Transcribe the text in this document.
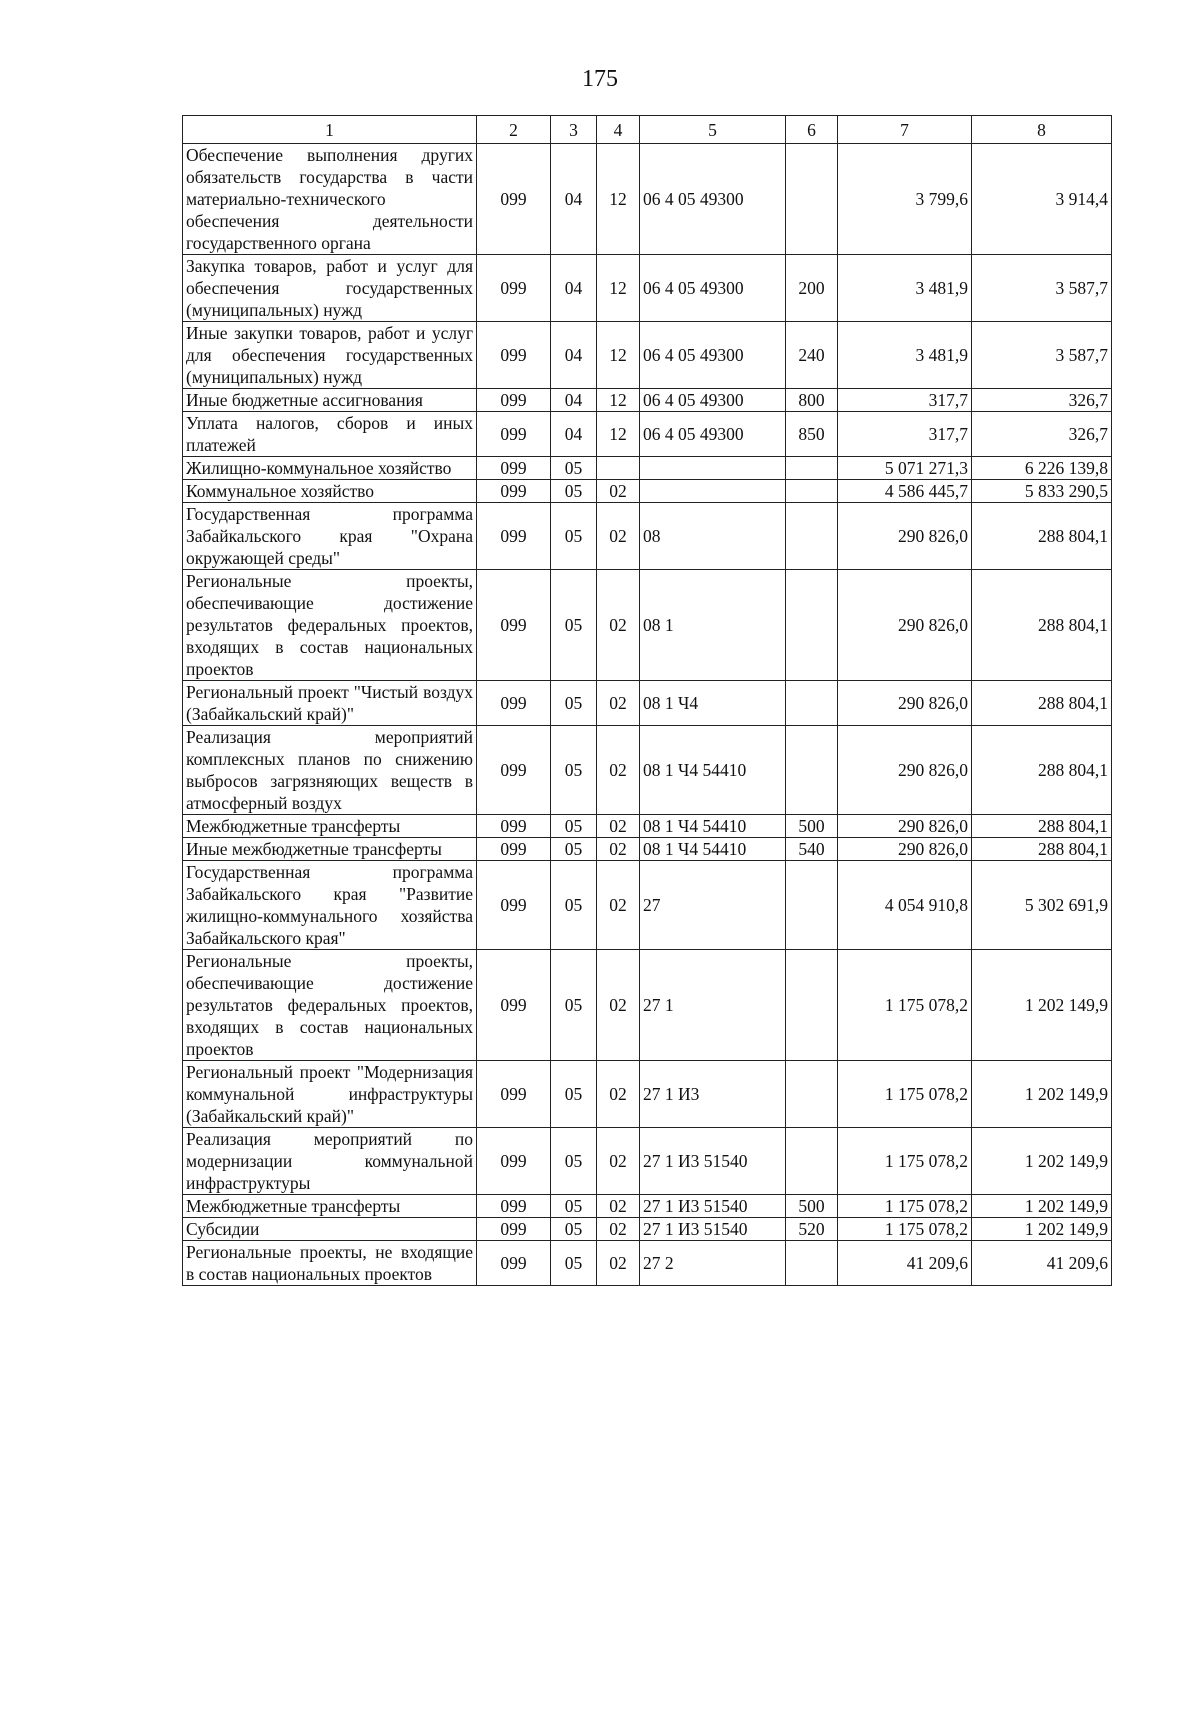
175
1	2	3	4	5	6	7	8
Обеспечение выполнения других обязательств государства в части материально-технического обеспечения деятельности государственного органа	099	04	12	06 4 05 49300		3 799,6	3 914,4
Закупка товаров, работ и услуг для обеспечения государственных (муниципальных) нужд	099	04	12	06 4 05 49300	200	3 481,9	3 587,7
Иные закупки товаров, работ и услуг для обеспечения государственных (муниципальных) нужд	099	04	12	06 4 05 49300	240	3 481,9	3 587,7
Иные бюджетные ассигнования	099	04	12	06 4 05 49300	800	317,7	326,7
Уплата налогов, сборов и иных платежей	099	04	12	06 4 05 49300	850	317,7	326,7
Жилищно-коммунальное хозяйство	099	05				5 071 271,3	6 226 139,8
Коммунальное хозяйство	099	05	02			4 586 445,7	5 833 290,5
Государственная программа Забайкальского края "Охрана окружающей среды"	099	05	02	08		290 826,0	288 804,1
Региональные проекты, обеспечивающие достижение результатов федеральных проектов, входящих в состав национальных проектов	099	05	02	08 1		290 826,0	288 804,1
Региональный проект "Чистый воздух (Забайкальский край)"	099	05	02	08 1 Ч4		290 826,0	288 804,1
Реализация мероприятий комплексных планов по снижению выбросов загрязняющих веществ в атмосферный воздух	099	05	02	08 1 Ч4 54410		290 826,0	288 804,1
Межбюджетные трансферты	099	05	02	08 1 Ч4 54410	500	290 826,0	288 804,1
Иные межбюджетные трансферты	099	05	02	08 1 Ч4 54410	540	290 826,0	288 804,1
Государственная программа Забайкальского края "Развитие жилищно-коммунального хозяйства Забайкальского края"	099	05	02	27		4 054 910,8	5 302 691,9
Региональные проекты, обеспечивающие достижение результатов федеральных проектов, входящих в состав национальных проектов	099	05	02	27 1		1 175 078,2	1 202 149,9
Региональный проект "Модернизация коммунальной инфраструктуры (Забайкальский край)"	099	05	02	27 1 И3		1 175 078,2	1 202 149,9
Реализация мероприятий по модернизации коммунальной инфраструктуры	099	05	02	27 1 И3 51540		1 175 078,2	1 202 149,9
Межбюджетные трансферты	099	05	02	27 1 И3 51540	500	1 175 078,2	1 202 149,9
Субсидии	099	05	02	27 1 И3 51540	520	1 175 078,2	1 202 149,9
Региональные проекты, не входящие в состав национальных проектов	099	05	02	27 2		41 209,6	41 209,6
